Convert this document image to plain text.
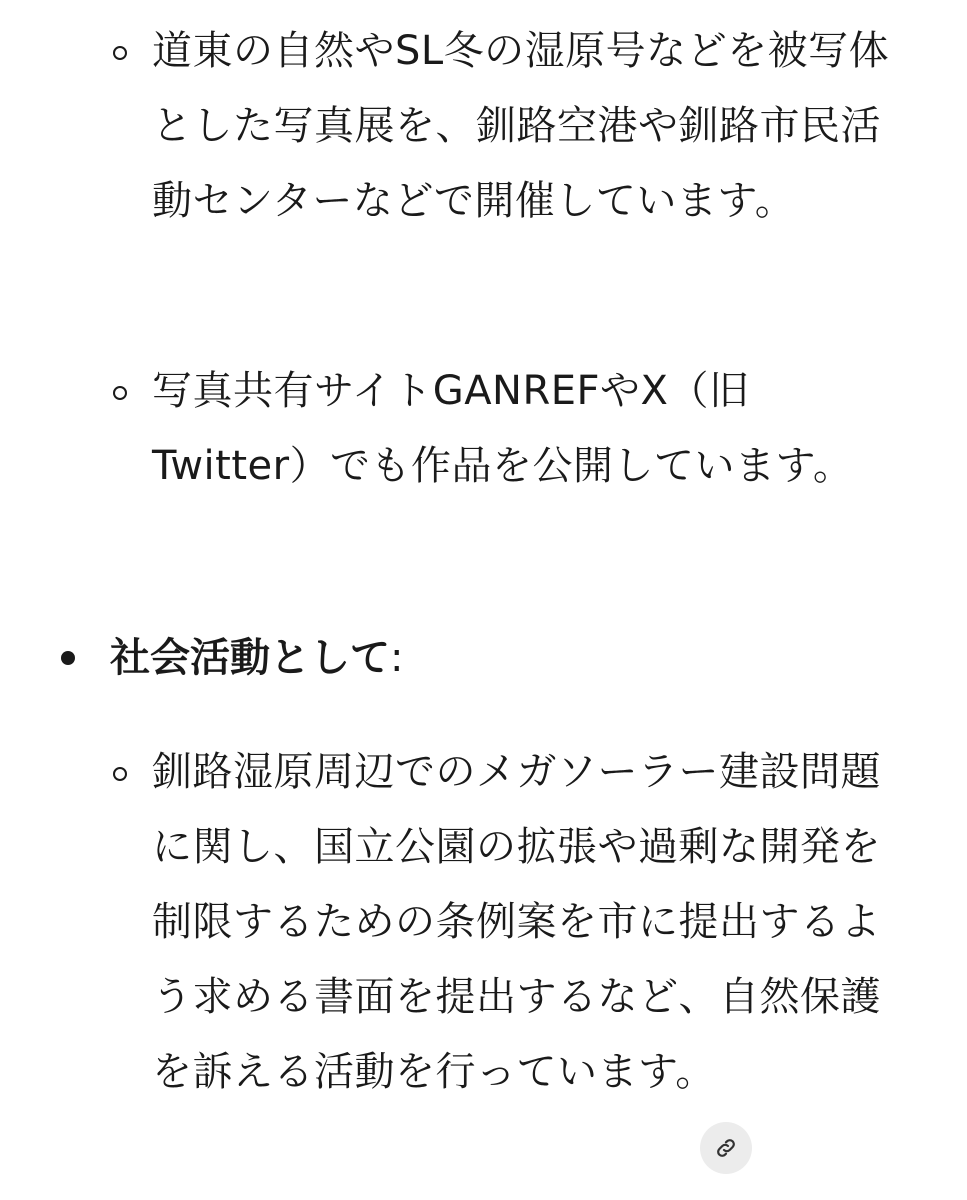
道東の自然やSL冬の湿原号などを被写体とした写真展を、釧路空港や釧路市民活動センターなどで開催しています。

写真共有サイトGANREFやX（旧Twitter）でも作品を公開しています。

社会活動として:

釧路湿原周辺でのメガソーラー建設問題に関し、国立公園の拡張や過剰な開発を制限するための条例案を市に提出するよう求める書面を提出するなど、自然保護を訴える活動を行っています。
